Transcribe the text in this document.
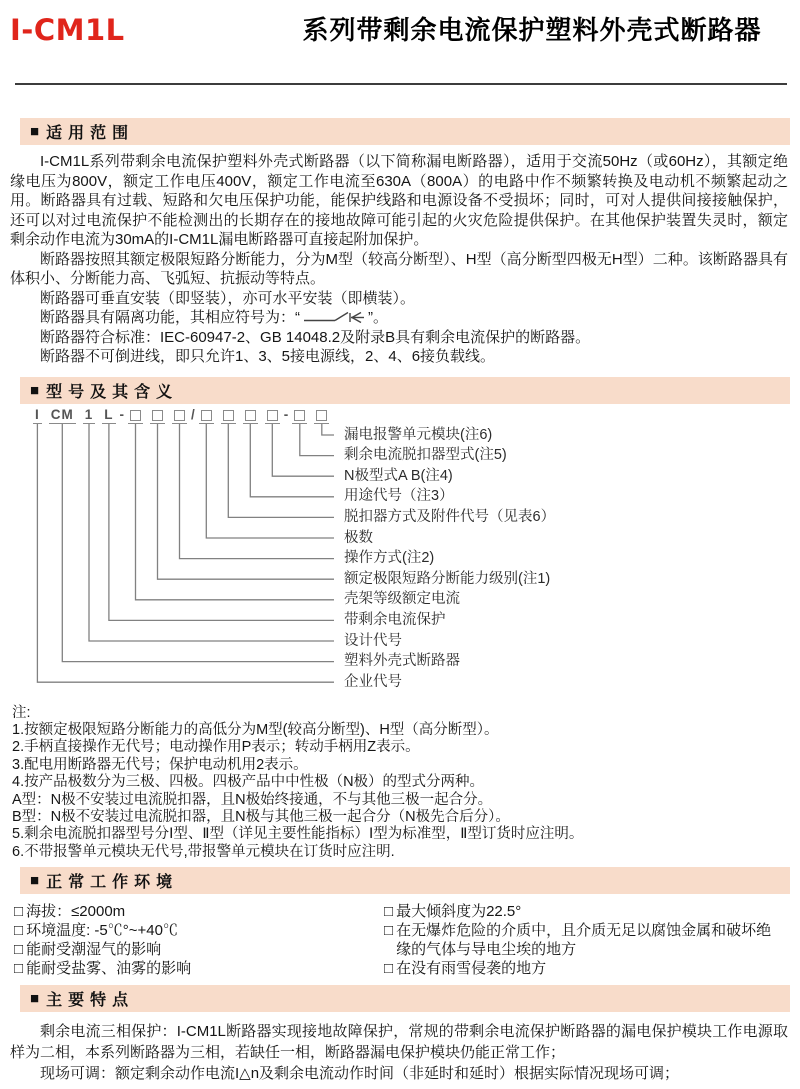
I-CM1L	系列带剩余电流保护塑料外壳式断路器
■ 适用范围

I-CM1L系列带剩余电流保护塑料外壳式断路器（以下简称漏电断路器），适用于交流50Hz（或60Hz），其额定绝缘电压为800V，额定工作电压400V，额定工作电流至630A（800A）的电路中作不频繁转换及电动机不频繁起动之用。断路器具有过载、短路和欠电压保护功能，能保护线路和电源设备不受损坏；同时，可对人提供间接接触保护，还可以对过电流保护不能检测出的长期存在的接地故障可能引起的火灾危险提供保护。在其他保护装置失灵时，额定剩余动作电流为30mA的I-CM1L漏电断路器可直接起附加保护。

断路器按照其额定极限短路分断能力，分为M型（较高分断型）、H型（高分断型四极无H型）二种。该断路器具有体积小、分断能力高、飞弧短、抗振动等特点。

断路器可垂直安装（即竖装），亦可水平安装（即横装）。

断路器具有隔离功能，其相应符号为：“	”。

断路器符合标准：IEC-60947-2、GB 14048.2及附录B具有剩余电流保护的断路器。

断路器不可倒进线，即只允许1、3、5接电源线，2、4、6接负载线。

■ 型号及其含义
I CM 1 L -	/	-
漏电报警单元模块(注6)
剩余电流脱扣器型式(注5)
N极型式A B(注4)
用途代号（注3）
脱扣器方式及附件代号（见表6）
极数
操作方式(注2)
额定极限短路分断能力级别(注1)
壳架等级额定电流
带剩余电流保护
设计代号
塑料外壳式断路器
企业代号
注:
1.按额定极限短路分断能力的高低分为M型(较高分断型)、H型（高分断型）。
2.手柄直接操作无代号；电动操作用P表示；转动手柄用Z表示。
3.配电用断路器无代号；保护电动机用2表示。
4.按产品极数分为三极、四极。四极产品中中性极（N极）的型式分两种。
A型：N极不安装过电流脱扣器，且N极始终接通，不与其他三极一起合分。
B型：N极不安装过电流脱扣器，且N极与其他三极一起合分（N极先合后分）。
5.剩余电流脱扣器型号分Ⅰ型、Ⅱ型（详见主要性能指标）Ⅰ型为标准型，Ⅱ型订货时应注明。
6.不带报警单元模块无代号,带报警单元模块在订货时应注明.
■ 正常工作环境
□ 海拔：≤2000m
□ 环境温度: -5℃°~+40℃
□ 能耐受潮湿气的影响
□ 能耐受盐雾、油雾的影响
□ 最大倾斜度为22.5°
□ 在无爆炸危险的介质中，且介质无足以腐蚀金属和破坏绝缘的气体与导电尘埃的地方
□ 在没有雨雪侵袭的地方
■ 主要特点

剩余电流三相保护：I-CM1L断路器实现接地故障保护，常规的带剩余电流保护断路器的漏电保护模块工作电源取样为二相，本系列断路器为三相，若缺任一相，断路器漏电保护模块仍能正常工作；

现场可调：额定剩余动作电流I△n及剩余电流动作时间（非延时和延时）根据实际情况现场可调；
